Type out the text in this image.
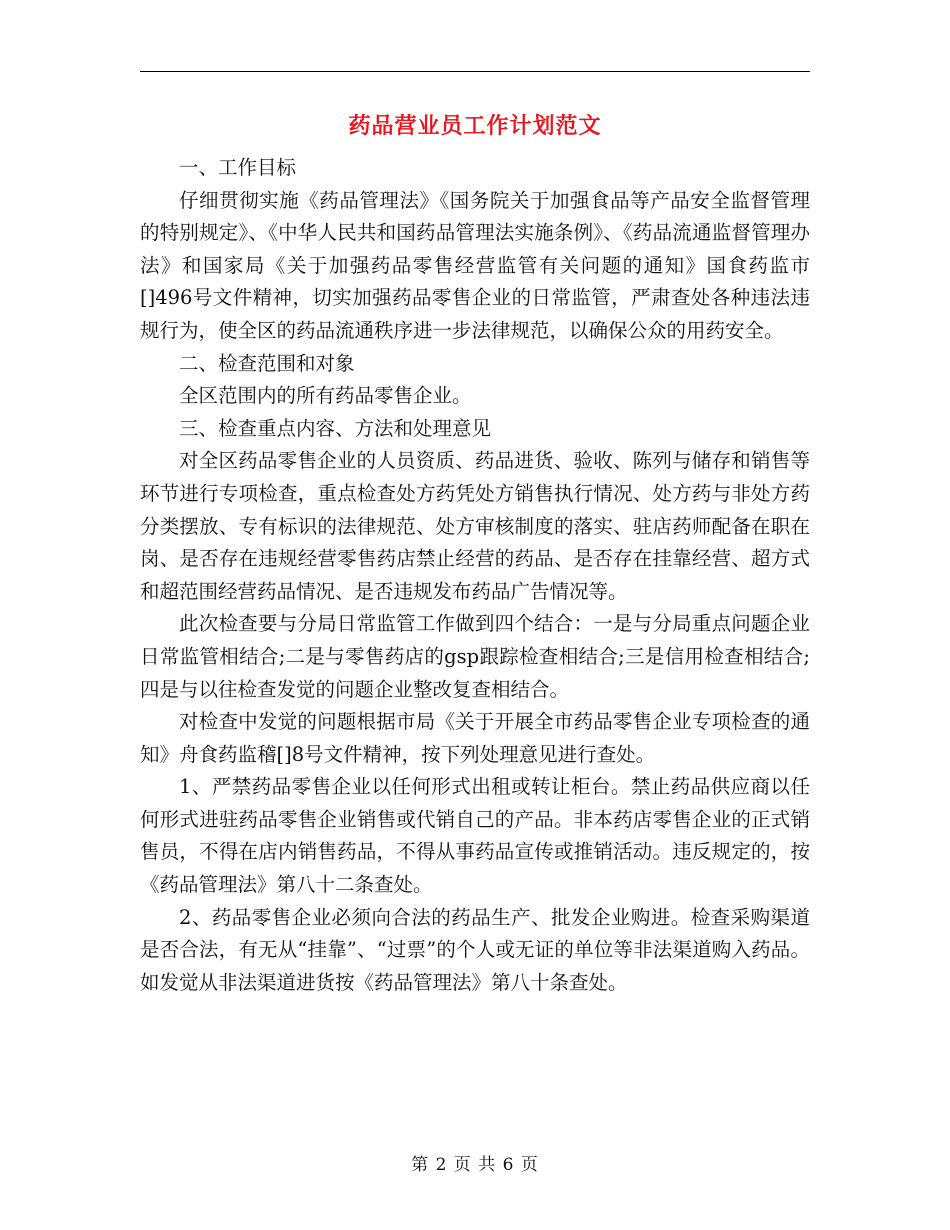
药品营业员工作计划范文

一、工作目标

仔细贯彻实施《药品管理法》《国务院关于加强食品等产品安全监督管理的特别规定》、《中华人民共和国药品管理法实施条例》、《药品流通监督管理办法》和国家局《关于加强药品零售经营监管有关问题的通知》国食药监市[]496号文件精神，切实加强药品零售企业的日常监管，严肃查处各种违法违规行为，使全区的药品流通秩序进一步法律规范，以确保公众的用药安全。

二、检查范围和对象

全区范围内的所有药品零售企业。

三、检查重点内容、方法和处理意见

对全区药品零售企业的人员资质、药品进货、验收、陈列与储存和销售等环节进行专项检查，重点检查处方药凭处方销售执行情况、处方药与非处方药分类摆放、专有标识的法律规范、处方审核制度的落实、驻店药师配备在职在岗、是否存在违规经营零售药店禁止经营的药品、是否存在挂靠经营、超方式和超范围经营药品情况、是否违规发布药品广告情况等。

此次检查要与分局日常监管工作做到四个结合：一是与分局重点问题企业日常监管相结合;二是与零售药店的gsp跟踪检查相结合;三是信用检查相结合;四是与以往检查发觉的问题企业整改复查相结合。

对检查中发觉的问题根据市局《关于开展全市药品零售企业专项检查的通知》舟食药监稽[]8号文件精神，按下列处理意见进行查处。

1、严禁药品零售企业以任何形式出租或转让柜台。禁止药品供应商以任何形式进驻药品零售企业销售或代销自己的产品。非本药店零售企业的正式销售员，不得在店内销售药品，不得从事药品宣传或推销活动。违反规定的，按《药品管理法》第八十二条查处。

2、药品零售企业必须向合法的药品生产、批发企业购进。检查采购渠道是否合法，有无从“挂靠”、“过票”的个人或无证的单位等非法渠道购入药品。如发觉从非法渠道进货按《药品管理法》第八十条查处。

第 2 页 共 6 页
